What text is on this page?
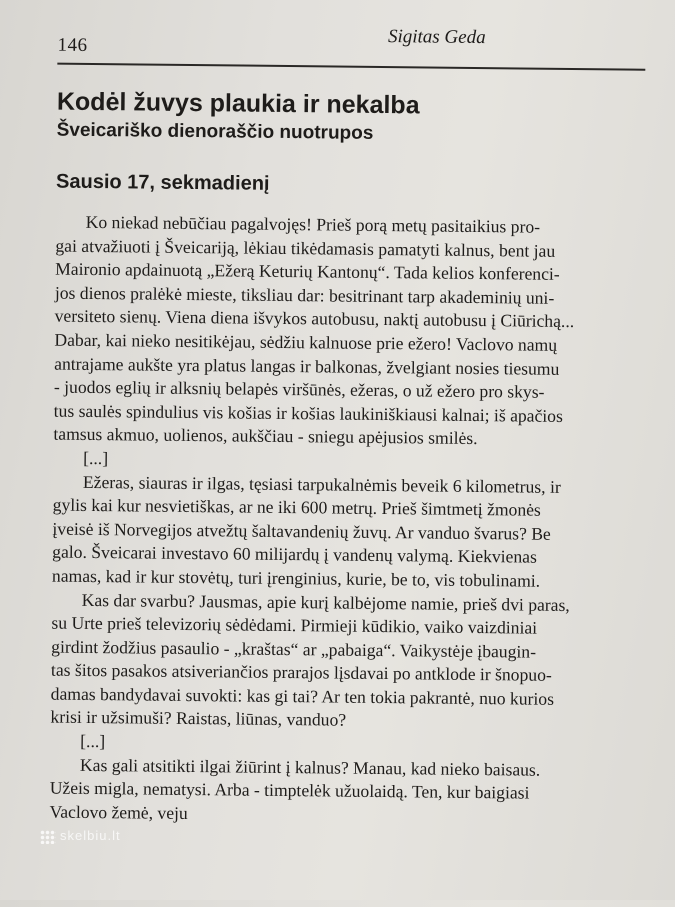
146	Sigitas Geda
Kodėl žuvys plaukia ir nekalba
Šveicariško dienoraščio nuotrupos
Sausio 17, sekmadienį
Ko niekad nebūčiau pagalvojęs! Prieš porą metų pasitaikius pro-
gai atvažiuoti į Šveicariją, lėkiau tikėdamasis pamatyti kalnus, bent jau
Maironio apdainuotą „Ežerą Keturių Kantonų“. Tada kelios konferenci-
jos dienos pralėkė mieste, tiksliau dar: besitrinant tarp akademinių uni-
versiteto sienų. Viena diena išvykos autobusu, naktį autobusu į Ciūrichą...
Dabar, kai nieko nesitikėjau, sėdžiu kalnuose prie ežero! Vaclovo namų
antrajame aukšte yra platus langas ir balkonas, žvelgiant nosies tiesumu
- juodos eglių ir alksnių belapės viršūnės, ežeras, o už ežero pro skys-
tus saulės spindulius vis košias ir košias laukiniškiausi kalnai; iš apačios
tamsus akmuo, uolienos, aukščiau - sniegu apėjusios smilės.
[...]
Ežeras, siauras ir ilgas, tęsiasi tarpukalnėmis beveik 6 kilometrus, ir
gylis kai kur nesvietiškas, ar ne iki 600 metrų. Prieš šimtmetį žmonės
įveisė iš Norvegijos atvežtų šaltavandenių žuvų. Ar vanduo švarus? Be
galo. Šveicarai investavo 60 milijardų į vandenų valymą. Kiekvienas
namas, kad ir kur stovėtų, turi įrenginius, kurie, be to, vis tobulinami.
Kas dar svarbu? Jausmas, apie kurį kalbėjome namie, prieš dvi paras,
su Urte prieš televizorių sėdėdami. Pirmieji kūdikio, vaiko vaizdiniai
girdint žodžius pasaulio - „kraštas“ ar „pabaiga“. Vaikystėje įbaugin-
tas šitos pasakos atsiveriančios prarajos lįsdavai po antklode ir šnopuo-
damas bandydavai suvokti: kas gi tai? Ar ten tokia pakrantė, nuo kurios
krisi ir užsimuši? Raistas, liūnas, vanduo?
[...]
Kas gali atsitikti ilgai žiūrint į kalnus? Manau, kad nieko baisaus.
Užeis migla, nematysi. Arba - timptelėk užuolaidą. Ten, kur baigiasi
Vaclovo žemė, veju
skelbiu.lt
